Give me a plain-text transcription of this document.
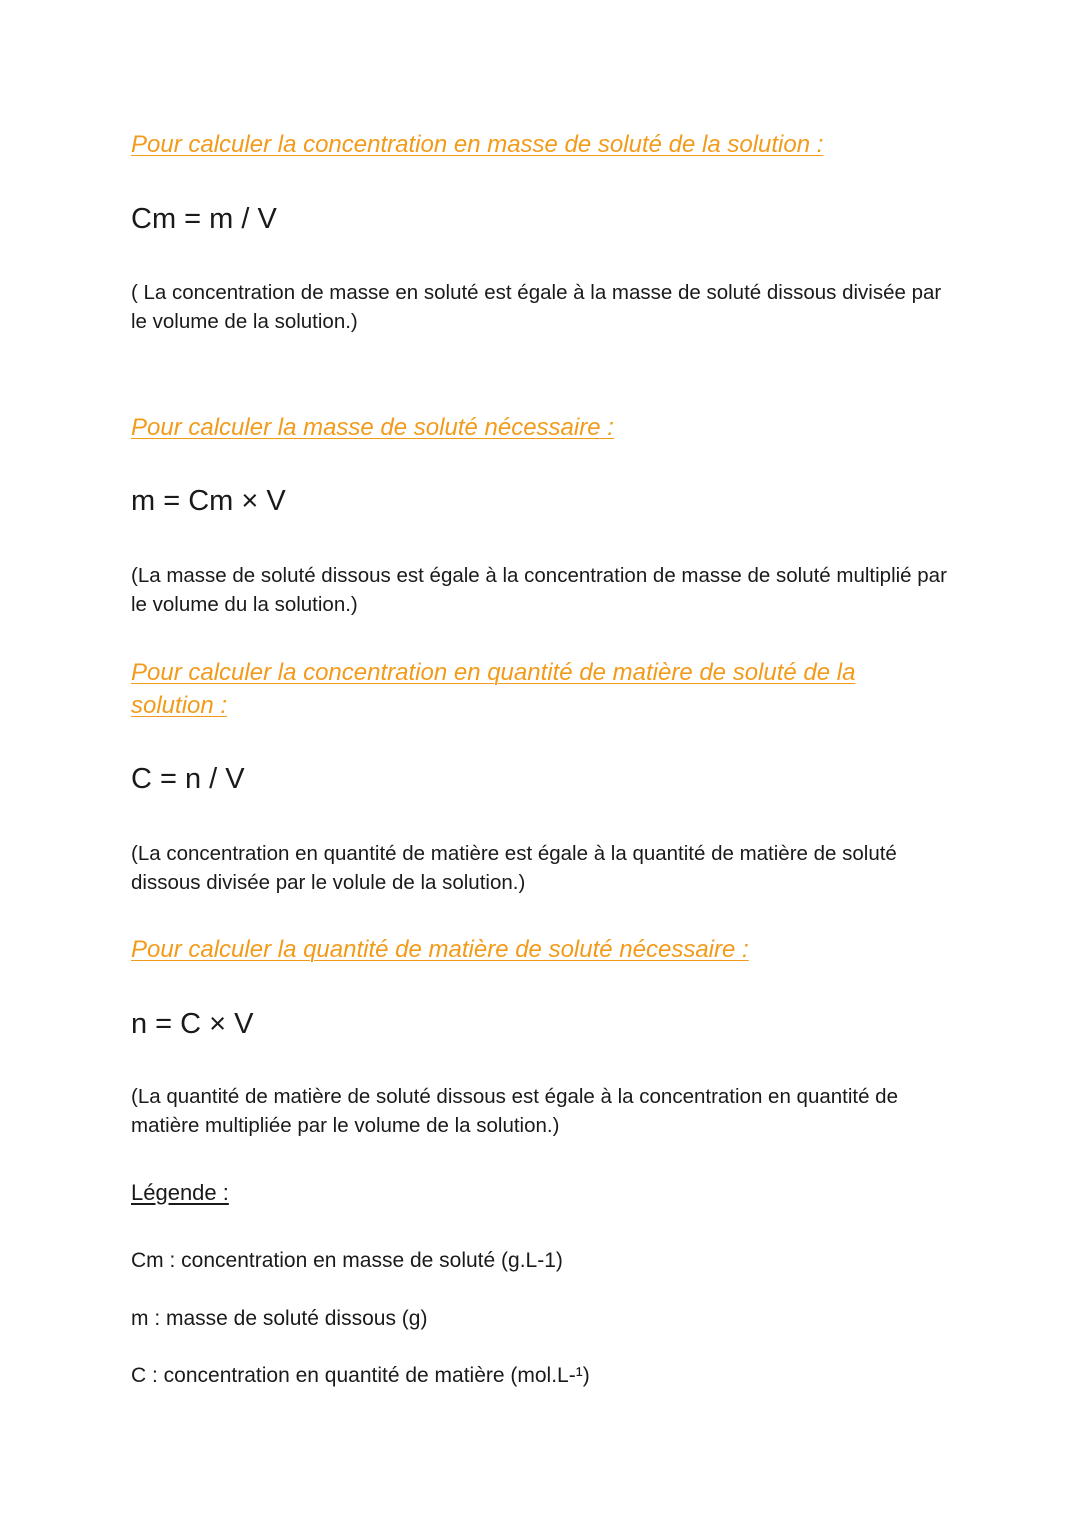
Pour calculer la concentration en masse de soluté de la solution :
Cm = m / V
( La concentration de masse en soluté est égale à la masse de soluté dissous divisée par le volume de la solution.)
Pour calculer la masse de soluté nécessaire :
m = Cm × V
(La masse de soluté dissous est égale à la concentration de masse de soluté multiplié par le volume du la solution.)
Pour calculer la concentration en quantité de matière de soluté de la solution :
C = n / V
(La concentration en quantité de matière est égale à la quantité de matière de soluté dissous divisée par le volule de la solution.)
Pour calculer la quantité de matière de soluté nécessaire :
n = C × V
(La quantité de matière de soluté dissous est égale à la concentration en quantité de matière multipliée par le volume de la solution.)
Légende :
Cm : concentration en masse de soluté (g.L-1)
m : masse de soluté dissous (g)
C : concentration en quantité de matière (mol.L-¹)
